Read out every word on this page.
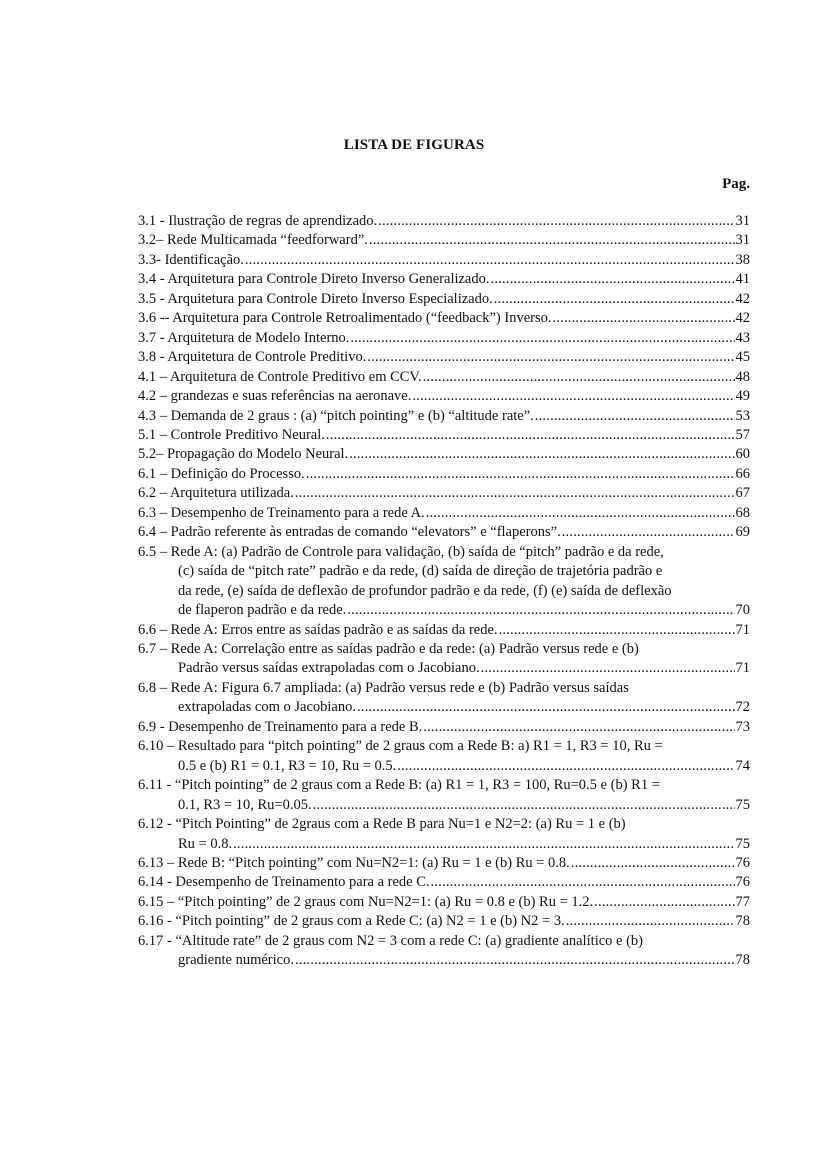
LISTA DE FIGURAS
Pag.
3.1 - Ilustração de regras de aprendizado. .....	31
3.2– Rede Multicamada “feedforward”. .....	31
3.3- Identificação. .....	38
3.4 - Arquitetura para Controle Direto Inverso Generalizado. .....	41
3.5 - Arquitetura para Controle Direto Inverso Especializado. .....	42
3.6 -- Arquitetura para Controle Retroalimentado (“feedback”) Inverso. .....	42
3.7 - Arquitetura de Modelo Interno. .....	43
3.8 - Arquitetura de Controle Preditivo. .....	45
4.1 – Arquitetura de Controle Preditivo em CCV. .....	48
4.2 – grandezas e suas referências na aeronave. .....	49
4.3 – Demanda de 2 graus : (a) “pitch pointing” e (b) “altitude rate”. .....	53
5.1 – Controle Preditivo Neural. .....	57
5.2– Propagação do Modelo Neural. .....	60
6.1 – Definição do Processo. .....	66
6.2 – Arquitetura utilizada. .....	67
6.3 – Desempenho de Treinamento para a rede A. .....	68
6.4 – Padrão referente às entradas de comando “elevators” e “flaperons”. .....	69
6.5 – Rede A: (a) Padrão de Controle para validação, (b) saída de “pitch” padrão e da rede,
(c) saída de “pitch rate” padrão e da rede, (d) saída de direção de trajetória padrão e
da rede, (e) saída de deflexão de profundor padrão e da rede, (f) (e) saída de deflexão
de flaperon padrão e da rede. .....	70
6.6 – Rede A: Erros entre as saídas padrão e as saídas da rede. .....	71
6.7 – Rede A: Correlação entre as saídas padrão e da rede: (a) Padrão versus rede e (b)
Padrão versus saídas extrapoladas com o Jacobiano. .....	71
6.8 – Rede A: Figura 6.7 ampliada: (a) Padrão versus rede e (b) Padrão versus saídas
extrapoladas com o Jacobiano. .....	72
6.9 - Desempenho de Treinamento para a rede B. .....	73
6.10 – Resultado para “pitch pointing” de 2 graus com a Rede B: a) R1 = 1, R3 = 10, Ru =
0.5 e (b) R1 = 0.1, R3 = 10, Ru = 0.5. .....	74
6.11 - “Pitch pointing” de 2 graus com a Rede B: (a) R1 = 1, R3 = 100, Ru=0.5 e (b) R1 =
0.1, R3 = 10, Ru=0.05. .....	75
6.12 - “Pitch Pointing” de 2graus com a Rede B para Nu=1 e N2=2: (a) Ru = 1 e (b)
Ru = 0.8. .....	75
6.13 – Rede B: “Pitch pointing” com Nu=N2=1: (a) Ru = 1 e (b) Ru = 0.8. .....	76
6.14 - Desempenho de Treinamento para a rede C. .....	76
6.15 – “Pitch pointing” de 2 graus com Nu=N2=1: (a) Ru = 0.8 e (b) Ru = 1.2. .....	77
6.16 - “Pitch pointing” de 2 graus com a Rede C: (a) N2 = 1 e (b) N2 = 3. .....	78
6.17 - “Altitude rate” de 2 graus com N2 = 3 com a rede C: (a) gradiente analítico e (b)
gradiente numérico. .....	78
